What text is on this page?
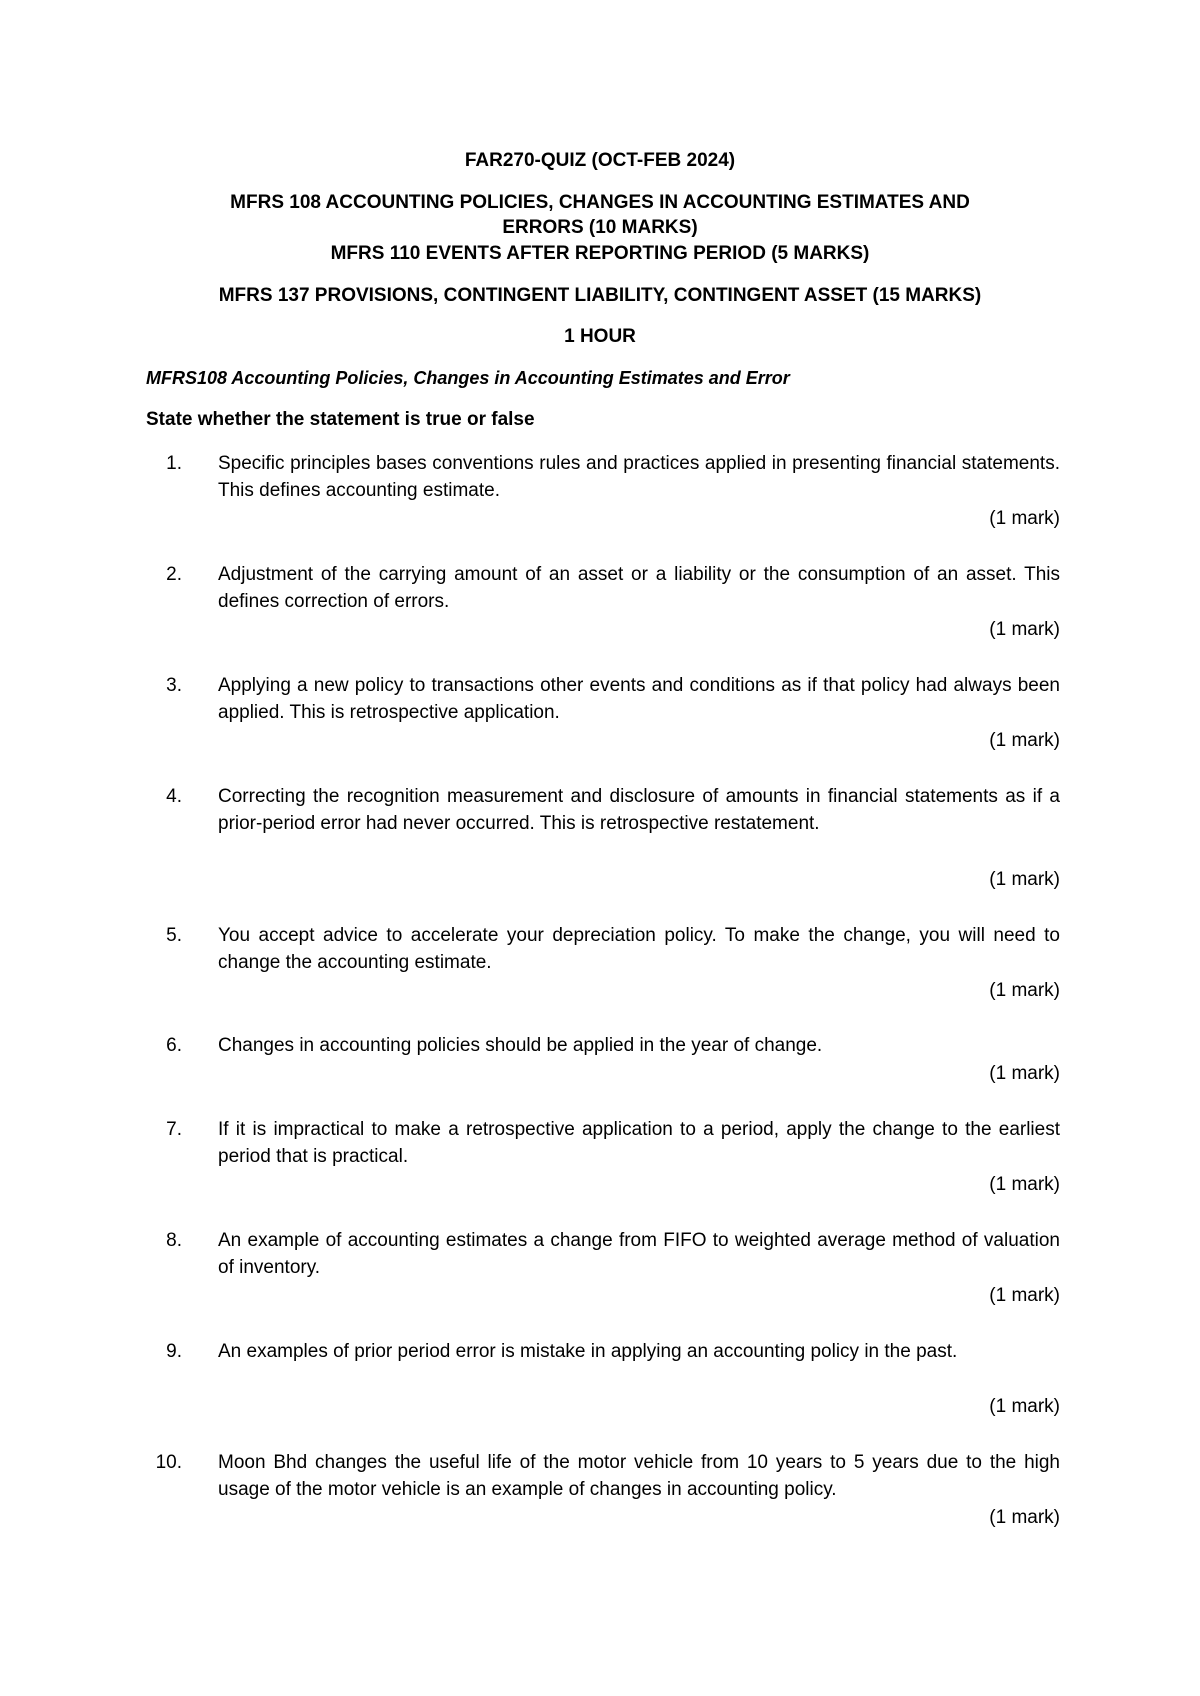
FAR270-QUIZ (OCT-FEB 2024)
MFRS 108 ACCOUNTING POLICIES, CHANGES IN ACCOUNTING ESTIMATES AND
ERRORS (10 MARKS)
MFRS 110 EVENTS AFTER REPORTING PERIOD (5 MARKS)
MFRS 137 PROVISIONS, CONTINGENT LIABILITY, CONTINGENT ASSET (15 MARKS)
1 HOUR
MFRS108 Accounting Policies, Changes in Accounting Estimates and Error
State whether the statement is true or false
1. Specific principles bases conventions rules and practices applied in presenting financial statements. This defines accounting estimate.
(1 mark)
2. Adjustment of the carrying amount of an asset or a liability or the consumption of an asset. This defines correction of errors.
(1 mark)
3. Applying a new policy to transactions other events and conditions as if that policy had always been applied. This is retrospective application.
(1 mark)
4. Correcting the recognition measurement and disclosure of amounts in financial statements as if a prior-period error had never occurred. This is retrospective restatement.
(1 mark)
5. You accept advice to accelerate your depreciation policy. To make the change, you will need to change the accounting estimate.
(1 mark)
6. Changes in accounting policies should be applied in the year of change.
(1 mark)
7. If it is impractical to make a retrospective application to a period, apply the change to the earliest period that is practical.
(1 mark)
8. An example of accounting estimates a change from FIFO to weighted average method of valuation of inventory.
(1 mark)
9. An examples of prior period error is mistake in applying an accounting policy in the past.
(1 mark)
10. Moon Bhd changes the useful life of the motor vehicle from 10 years to 5 years due to the high usage of the motor vehicle is an example of changes in accounting policy.
(1 mark)
